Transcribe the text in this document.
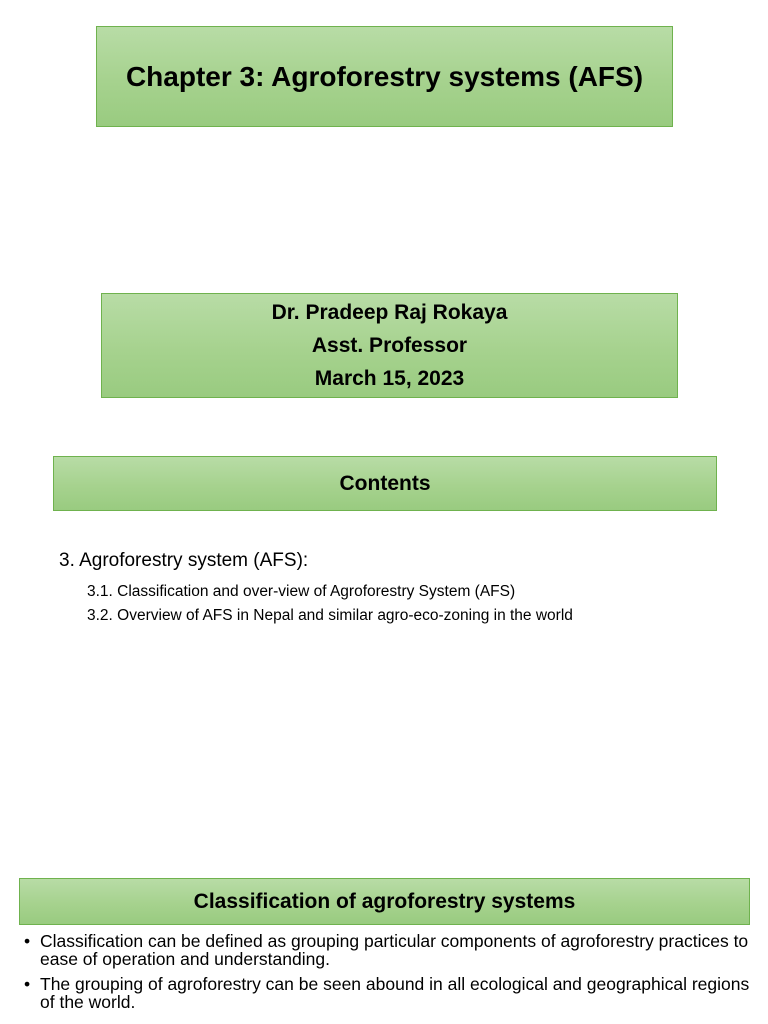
Chapter 3: Agroforestry systems (AFS)
Dr. Pradeep Raj Rokaya
Asst. Professor
March 15, 2023
Contents
3. Agroforestry system (AFS):
3.1. Classification and over-view of Agroforestry System (AFS)
3.2. Overview of AFS in Nepal and similar agro-eco-zoning in the world
Classification of agroforestry systems
• Classification can be defined as grouping particular components of agroforestry practices to ease of operation and understanding.
• The grouping of agroforestry can be seen abound in all ecological and geographical regions of the world.
